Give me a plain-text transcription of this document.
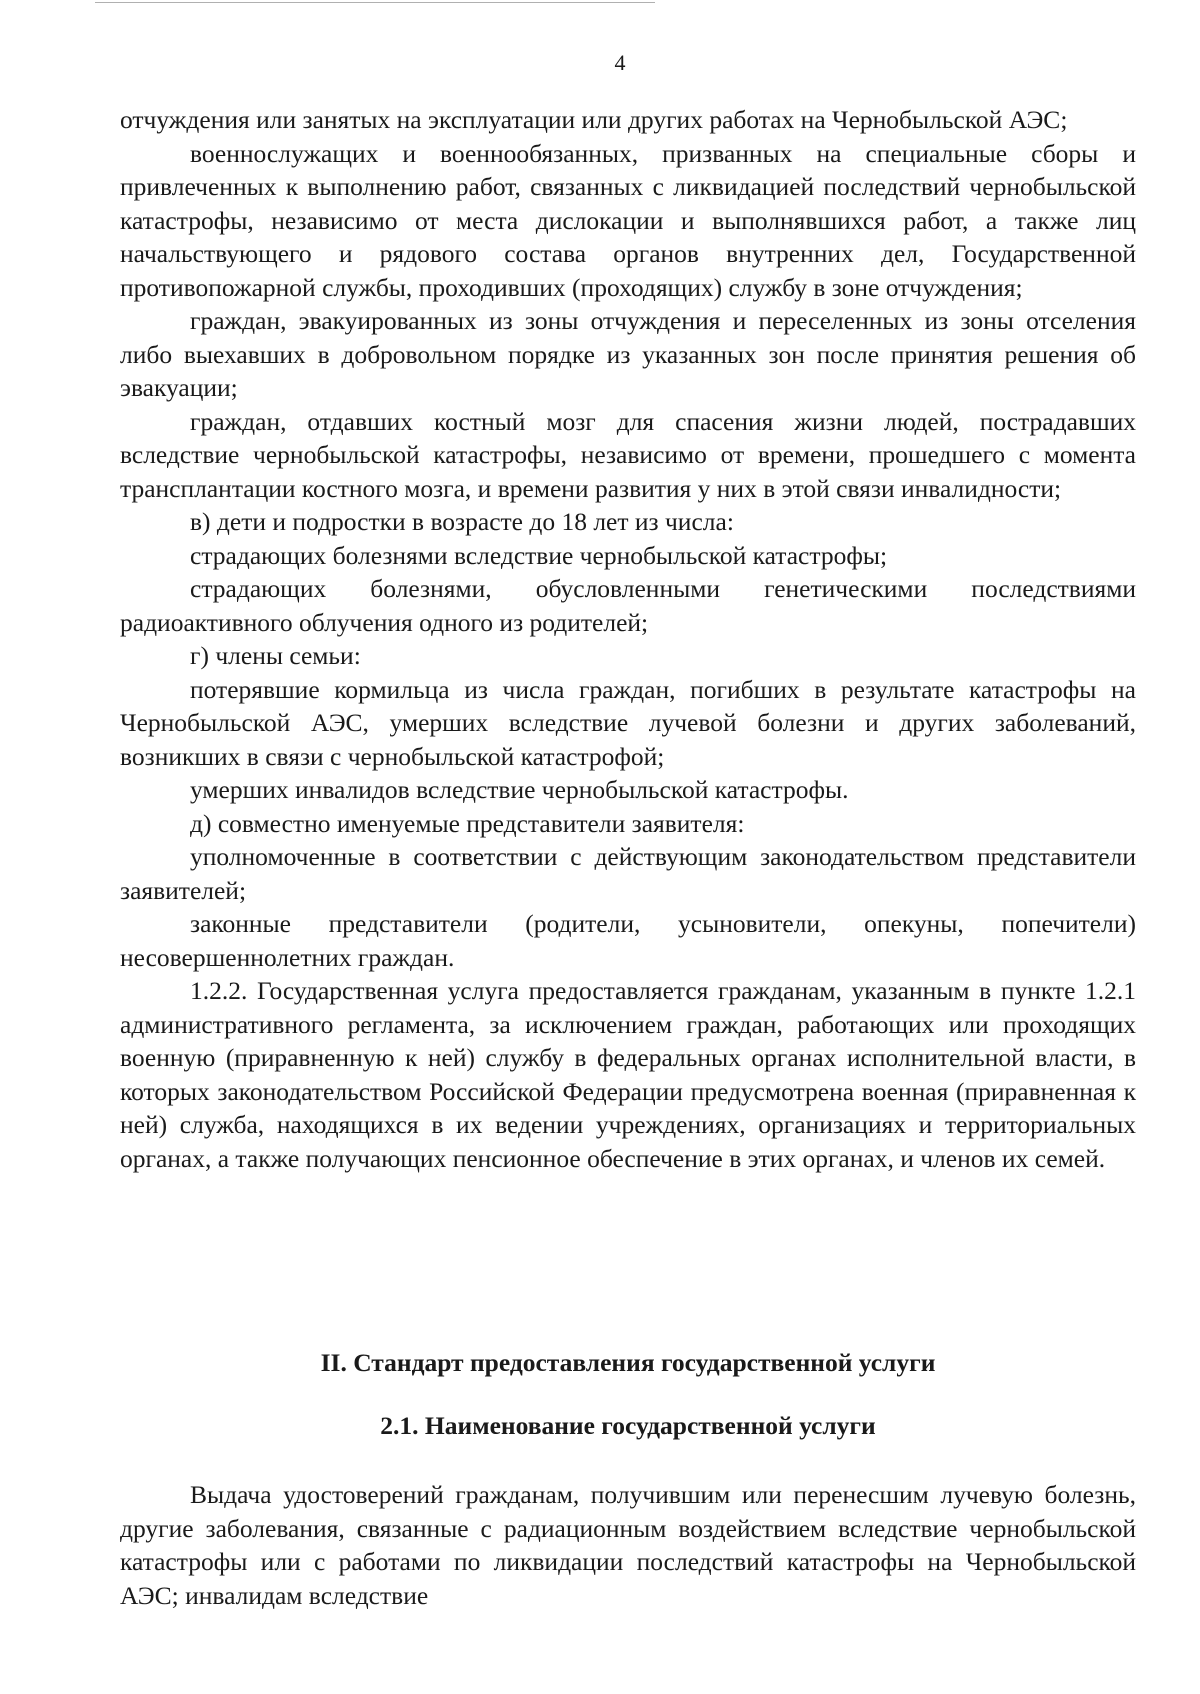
4

отчуждения или занятых на эксплуатации или других работах на Чернобыльской АЭС;

военнослужащих и военнообязанных, призванных на специальные сборы и привлеченных к выполнению работ, связанных с ликвидацией последствий чернобыльской катастрофы, независимо от места дислокации и выполнявшихся работ, а также лиц начальствующего и рядового состава органов внутренних дел, Государственной противопожарной службы, проходивших (проходящих) службу в зоне отчуждения;

граждан, эвакуированных из зоны отчуждения и переселенных из зоны отселения либо выехавших в добровольном порядке из указанных зон после принятия решения об эвакуации;

граждан, отдавших костный мозг для спасения жизни людей, пострадавших вследствие чернобыльской катастрофы, независимо от времени, прошедшего с момента трансплантации костного мозга, и времени развития у них в этой связи инвалидности;

в) дети и подростки в возрасте до 18 лет из числа:

страдающих болезнями вследствие чернобыльской катастрофы;

страдающих болезнями, обусловленными генетическими последствиями радиоактивного облучения одного из родителей;

г) члены семьи:

потерявшие кормильца из числа граждан, погибших в результате катастрофы на Чернобыльской АЭС, умерших вследствие лучевой болезни и других заболеваний, возникших в связи с чернобыльской катастрофой;

умерших инвалидов вследствие чернобыльской катастрофы.

д) совместно именуемые представители заявителя:

уполномоченные в соответствии с действующим законодательством представители заявителей;

законные представители (родители, усыновители, опекуны, попечители) несовершеннолетних граждан.

1.2.2. Государственная услуга предоставляется гражданам, указанным в пункте 1.2.1 административного регламента, за исключением граждан, работающих или проходящих военную (приравненную к ней) службу в федеральных органах исполнительной власти, в которых законодательством Российской Федерации предусмотрена военная (приравненная к ней) служба, находящихся в их ведении учреждениях, организациях и территориальных органах, а также получающих пенсионное обеспечение в этих органах, и членов их семей.

II. Стандарт предоставления государственной услуги
2.1. Наименование государственной услуги

Выдача удостоверений гражданам, получившим или перенесшим лучевую болезнь, другие заболевания, связанные с радиационным воздействием вследствие чернобыльской катастрофы или с работами по ликвидации последствий катастрофы на Чернобыльской АЭС; инвалидам вследствие
